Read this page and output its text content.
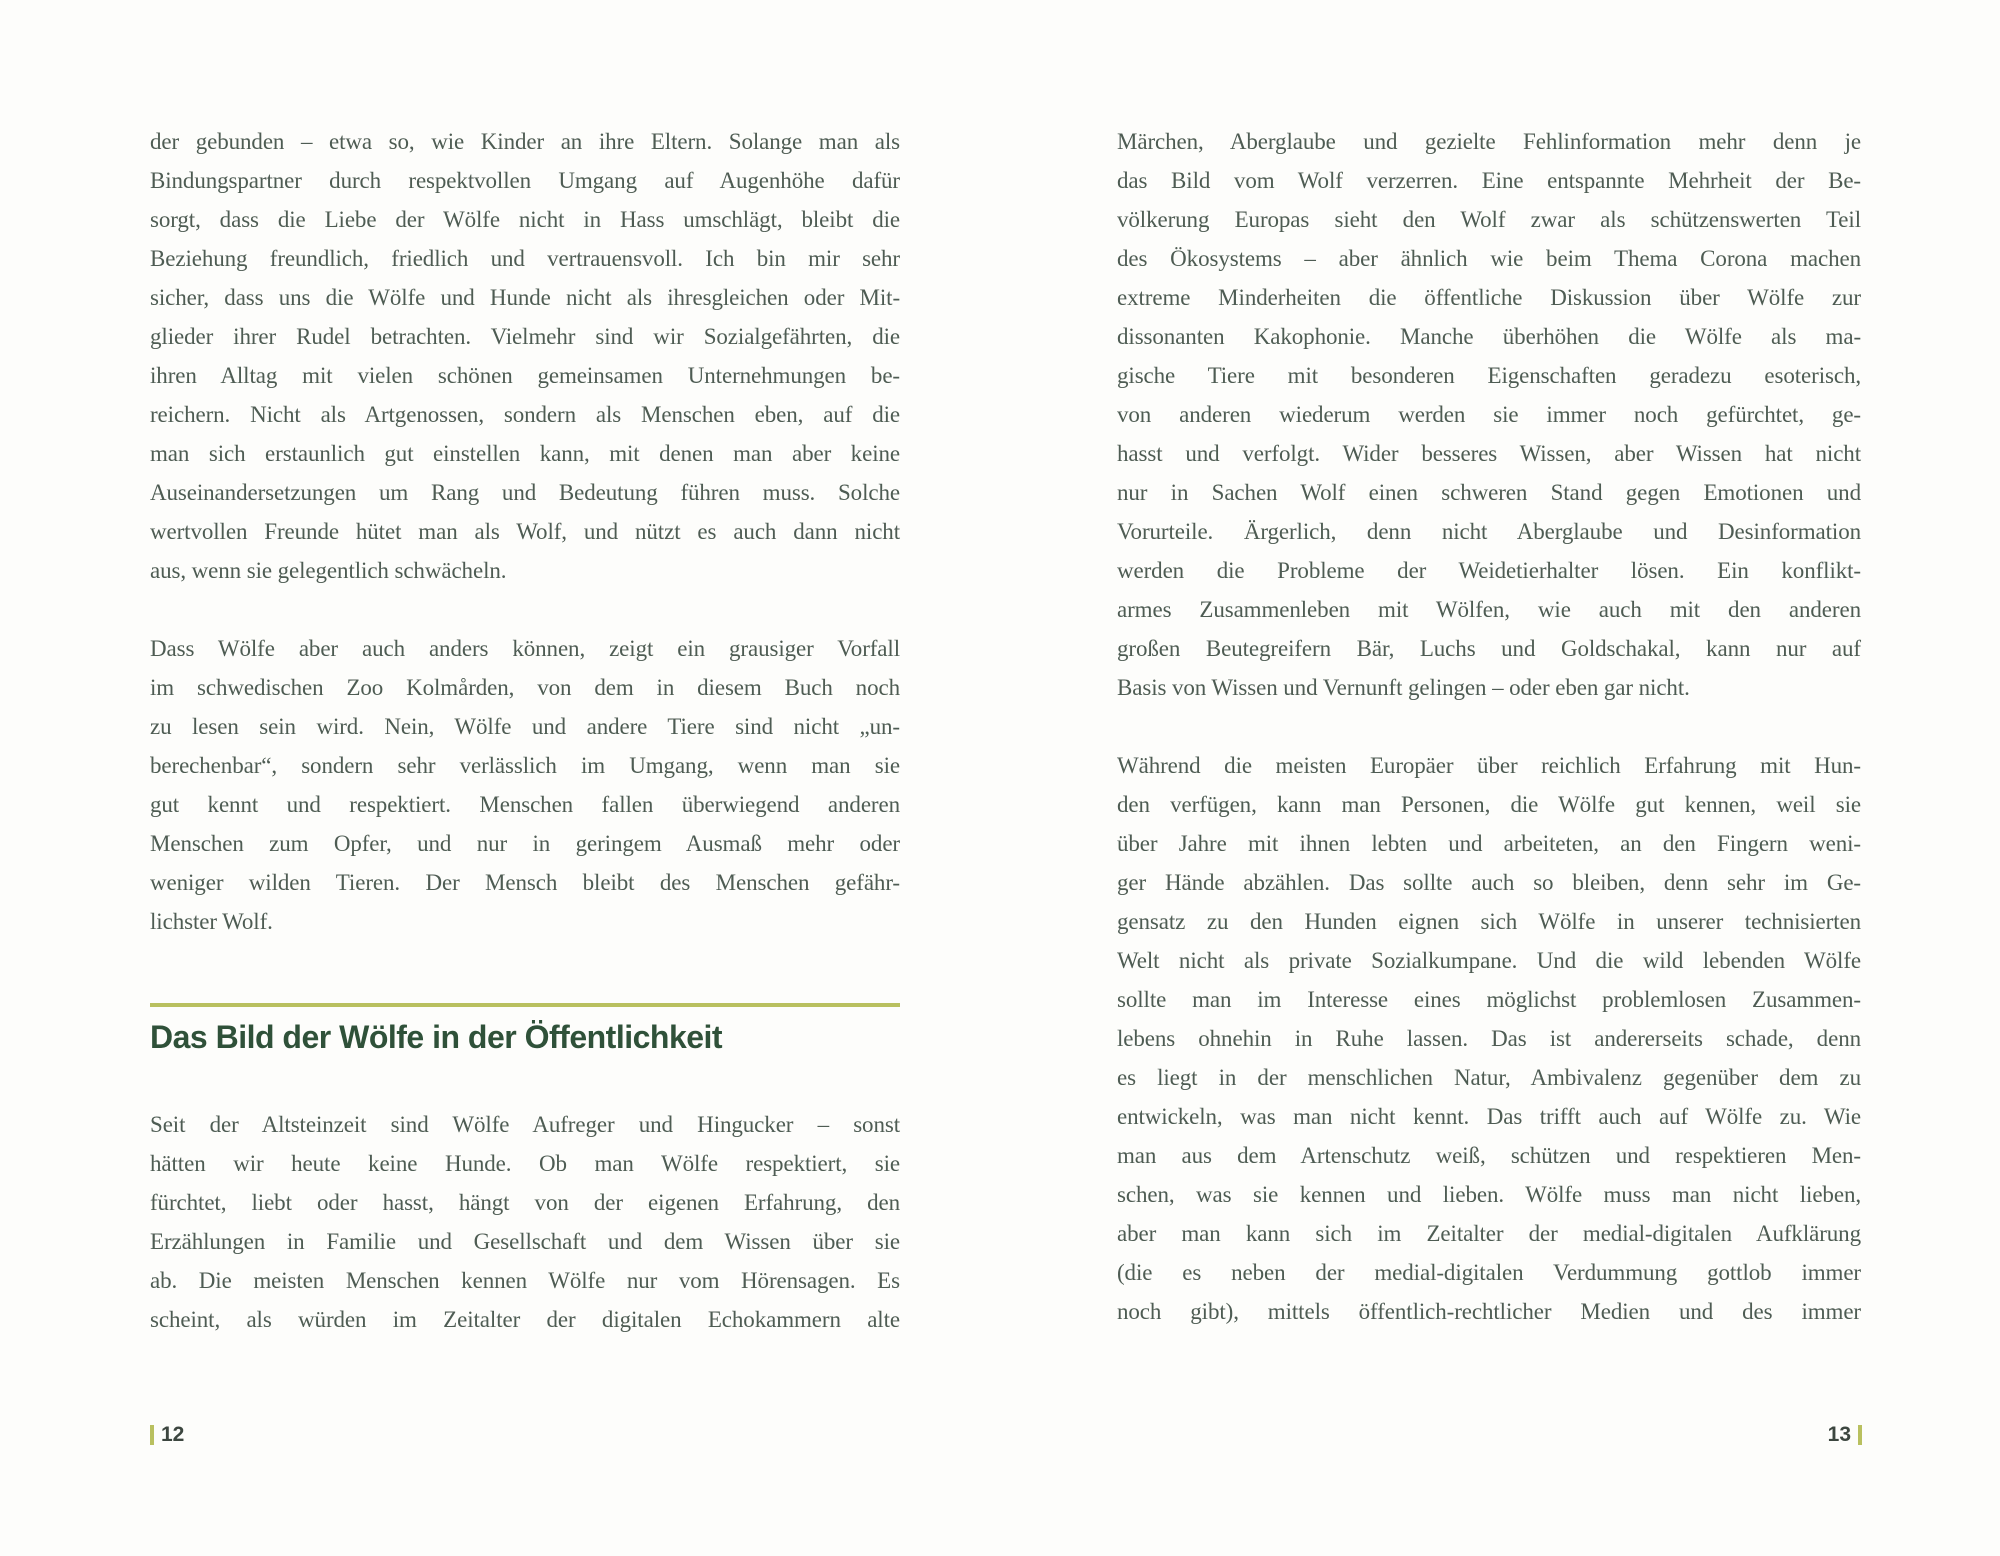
der gebunden – etwa so, wie Kinder an ihre Eltern. Solange man als
Bindungspartner durch respektvollen Umgang auf Augenhöhe dafür
sorgt, dass die Liebe der Wölfe nicht in Hass umschlägt, bleibt die
Beziehung freundlich, friedlich und vertrauensvoll. Ich bin mir sehr
sicher, dass uns die Wölfe und Hunde nicht als ihresgleichen oder Mit-
glieder ihrer Rudel betrachten. Vielmehr sind wir Sozialgefährten, die
ihren Alltag mit vielen schönen gemeinsamen Unternehmungen be-
reichern. Nicht als Artgenossen, sondern als Menschen eben, auf die
man sich erstaunlich gut einstellen kann, mit denen man aber keine
Auseinandersetzungen um Rang und Bedeutung führen muss. Solche
wertvollen Freunde hütet man als Wolf, und nützt es auch dann nicht
aus, wenn sie gelegentlich schwächeln.
Dass Wölfe aber auch anders können, zeigt ein grausiger Vorfall
im schwedischen Zoo Kolmården, von dem in diesem Buch noch
zu lesen sein wird. Nein, Wölfe und andere Tiere sind nicht „un-
berechenbar“, sondern sehr verlässlich im Umgang, wenn man sie
gut kennt und respektiert. Menschen fallen überwiegend anderen
Menschen zum Opfer, und nur in geringem Ausmaß mehr oder
weniger wilden Tieren. Der Mensch bleibt des Menschen gefähr-
lichster Wolf.
Das Bild der Wölfe in der Öffentlichkeit
Seit der Altsteinzeit sind Wölfe Aufreger und Hingucker – sonst
hätten wir heute keine Hunde. Ob man Wölfe respektiert, sie
fürchtet, liebt oder hasst, hängt von der eigenen Erfahrung, den
Erzählungen in Familie und Gesellschaft und dem Wissen über sie
ab. Die meisten Menschen kennen Wölfe nur vom Hörensagen. Es
scheint, als würden im Zeitalter der digitalen Echokammern alte
Märchen, Aberglaube und gezielte Fehlinformation mehr denn je
das Bild vom Wolf verzerren. Eine entspannte Mehrheit der Be-
völkerung Europas sieht den Wolf zwar als schützenswerten Teil
des Ökosystems – aber ähnlich wie beim Thema Corona machen
extreme Minderheiten die öffentliche Diskussion über Wölfe zur
dissonanten Kakophonie. Manche überhöhen die Wölfe als ma-
gische Tiere mit besonderen Eigenschaften geradezu esoterisch,
von anderen wiederum werden sie immer noch gefürchtet, ge-
hasst und verfolgt. Wider besseres Wissen, aber Wissen hat nicht
nur in Sachen Wolf einen schweren Stand gegen Emotionen und
Vorurteile. Ärgerlich, denn nicht Aberglaube und Desinformation
werden die Probleme der Weidetierhalter lösen. Ein konflikt-
armes Zusammenleben mit Wölfen, wie auch mit den anderen
großen Beutegreifern Bär, Luchs und Goldschakal, kann nur auf
Basis von Wissen und Vernunft gelingen – oder eben gar nicht.
Während die meisten Europäer über reichlich Erfahrung mit Hun-
den verfügen, kann man Personen, die Wölfe gut kennen, weil sie
über Jahre mit ihnen lebten und arbeiteten, an den Fingern weni-
ger Hände abzählen. Das sollte auch so bleiben, denn sehr im Ge-
gensatz zu den Hunden eignen sich Wölfe in unserer technisierten
Welt nicht als private Sozialkumpane. Und die wild lebenden Wölfe
sollte man im Interesse eines möglichst problemlosen Zusammen-
lebens ohnehin in Ruhe lassen. Das ist andererseits schade, denn
es liegt in der menschlichen Natur, Ambivalenz gegenüber dem zu
entwickeln, was man nicht kennt. Das trifft auch auf Wölfe zu. Wie
man aus dem Artenschutz weiß, schützen und respektieren Men-
schen, was sie kennen und lieben. Wölfe muss man nicht lieben,
aber man kann sich im Zeitalter der medial-digitalen Aufklärung
(die es neben der medial-digitalen Verdummung gottlob immer
noch gibt), mittels öffentlich-rechtlicher Medien und des immer
12	13
